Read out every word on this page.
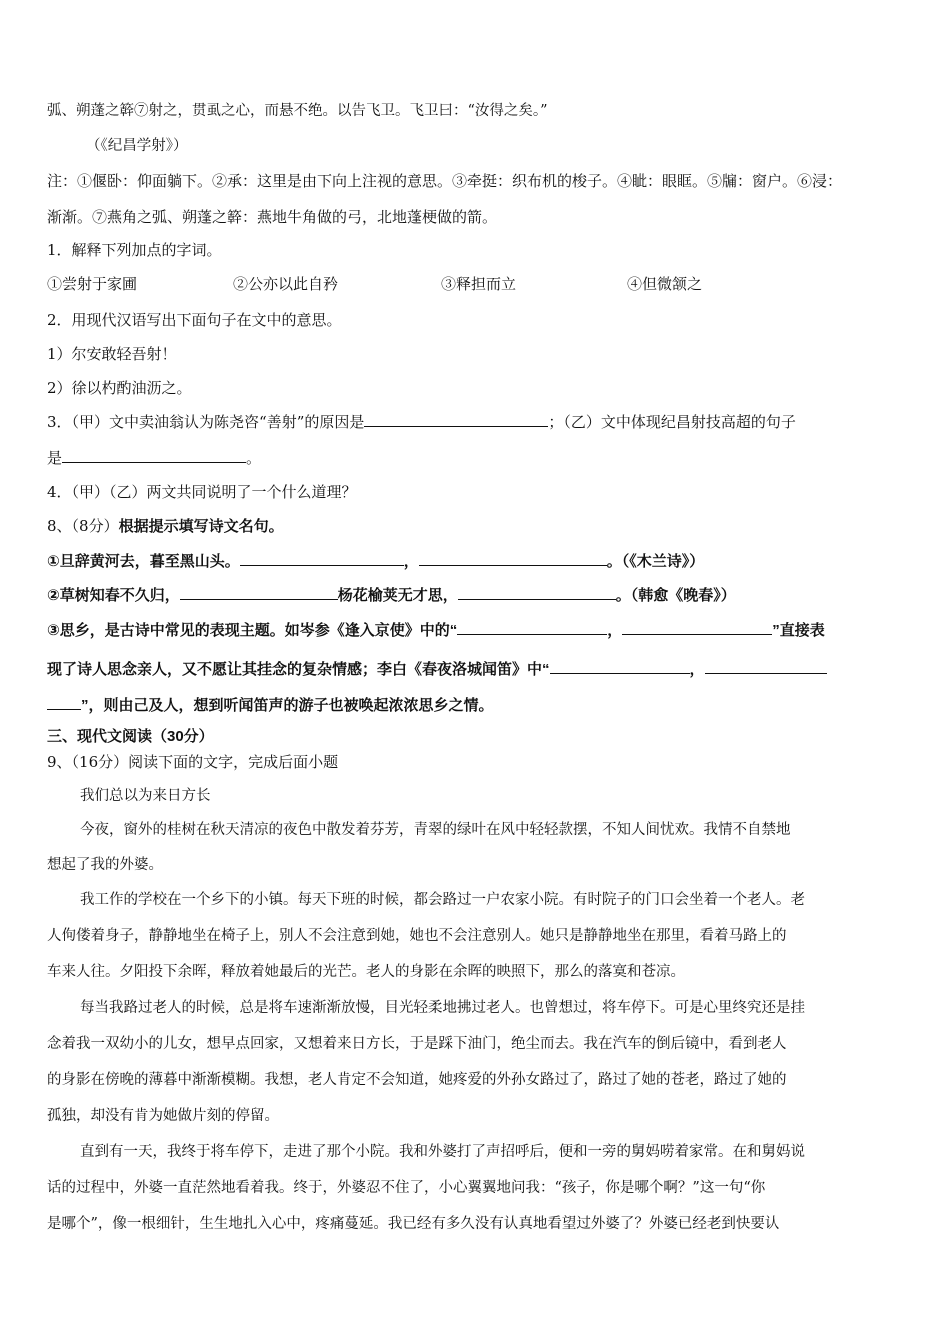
弧、朔蓬之簳⑦射之，贯虱之心，而悬不绝。以告飞卫。飞卫曰：“汝得之矣。”
（《纪昌学射》）
注：①偃卧：仰面躺下。②承：这里是由下向上注视的意思。③牵挺：织布机的梭子。④眦：眼眶。⑤牖：窗户。⑥浸：
渐渐。⑦燕角之弧、朔蓬之簳：燕地牛角做的弓，北地蓬梗做的箭。
1．解释下列加点的字词。
①尝射于家圃	②公亦以此自矜	③释担而立	④但微颔之
2．用现代汉语写出下面句子在文中的意思。
1）尔安敢轻吾射！
2）徐以杓酌油沥之。
3．（甲）文中卖油翁认为陈尧咨“善射”的原因是	；（乙）文中体现纪昌射技高超的句子
是	。
4．（甲）（乙）两文共同说明了一个什么道理？
8、（8分）根据提示填写诗文名句。
①旦辞黄河去，暮至黑山头。	，	。（《木兰诗》）
②草树知春不久归，	杨花榆荚无才思，	。（韩愈《晚春》）
③思乡，是古诗中常见的表现主题。如岑参《逢入京使》中的“	，	”直接表
现了诗人思念亲人，又不愿让其挂念的复杂情感；李白《春夜洛城闻笛》中“	，
”，则由己及人，想到听闻笛声的游子也被唤起浓浓思乡之情。
三、现代文阅读（30分）
9、（16分）阅读下面的文字，完成后面小题
我们总以为来日方长
今夜，窗外的桂树在秋天清凉的夜色中散发着芬芳，青翠的绿叶在风中轻轻款摆，不知人间忧欢。我情不自禁地
想起了我的外婆。
我工作的学校在一个乡下的小镇。每天下班的时候，都会路过一户农家小院。有时院子的门口会坐着一个老人。老
人佝偻着身子，静静地坐在椅子上，别人不会注意到她，她也不会注意别人。她只是静静地坐在那里，看着马路上的
车来人往。夕阳投下余晖，释放着她最后的光芒。老人的身影在余晖的映照下，那么的落寞和苍凉。
每当我路过老人的时候，总是将车速渐渐放慢，目光轻柔地拂过老人。也曾想过，将车停下。可是心里终究还是挂
念着我一双幼小的儿女，想早点回家，又想着来日方长，于是踩下油门，绝尘而去。我在汽车的倒后镜中，看到老人
的身影在傍晚的薄暮中渐渐模糊。我想，老人肯定不会知道，她疼爱的外孙女路过了，路过了她的苍老，路过了她的
孤独，却没有肯为她做片刻的停留。
直到有一天，我终于将车停下，走进了那个小院。我和外婆打了声招呼后，便和一旁的舅妈唠着家常。在和舅妈说
话的过程中，外婆一直茫然地看着我。终于，外婆忍不住了，小心翼翼地问我：“孩子，你是哪个啊？”这一句“你
是哪个”，像一根细针，生生地扎入心中，疼痛蔓延。我已经有多久没有认真地看望过外婆了？外婆已经老到快要认
